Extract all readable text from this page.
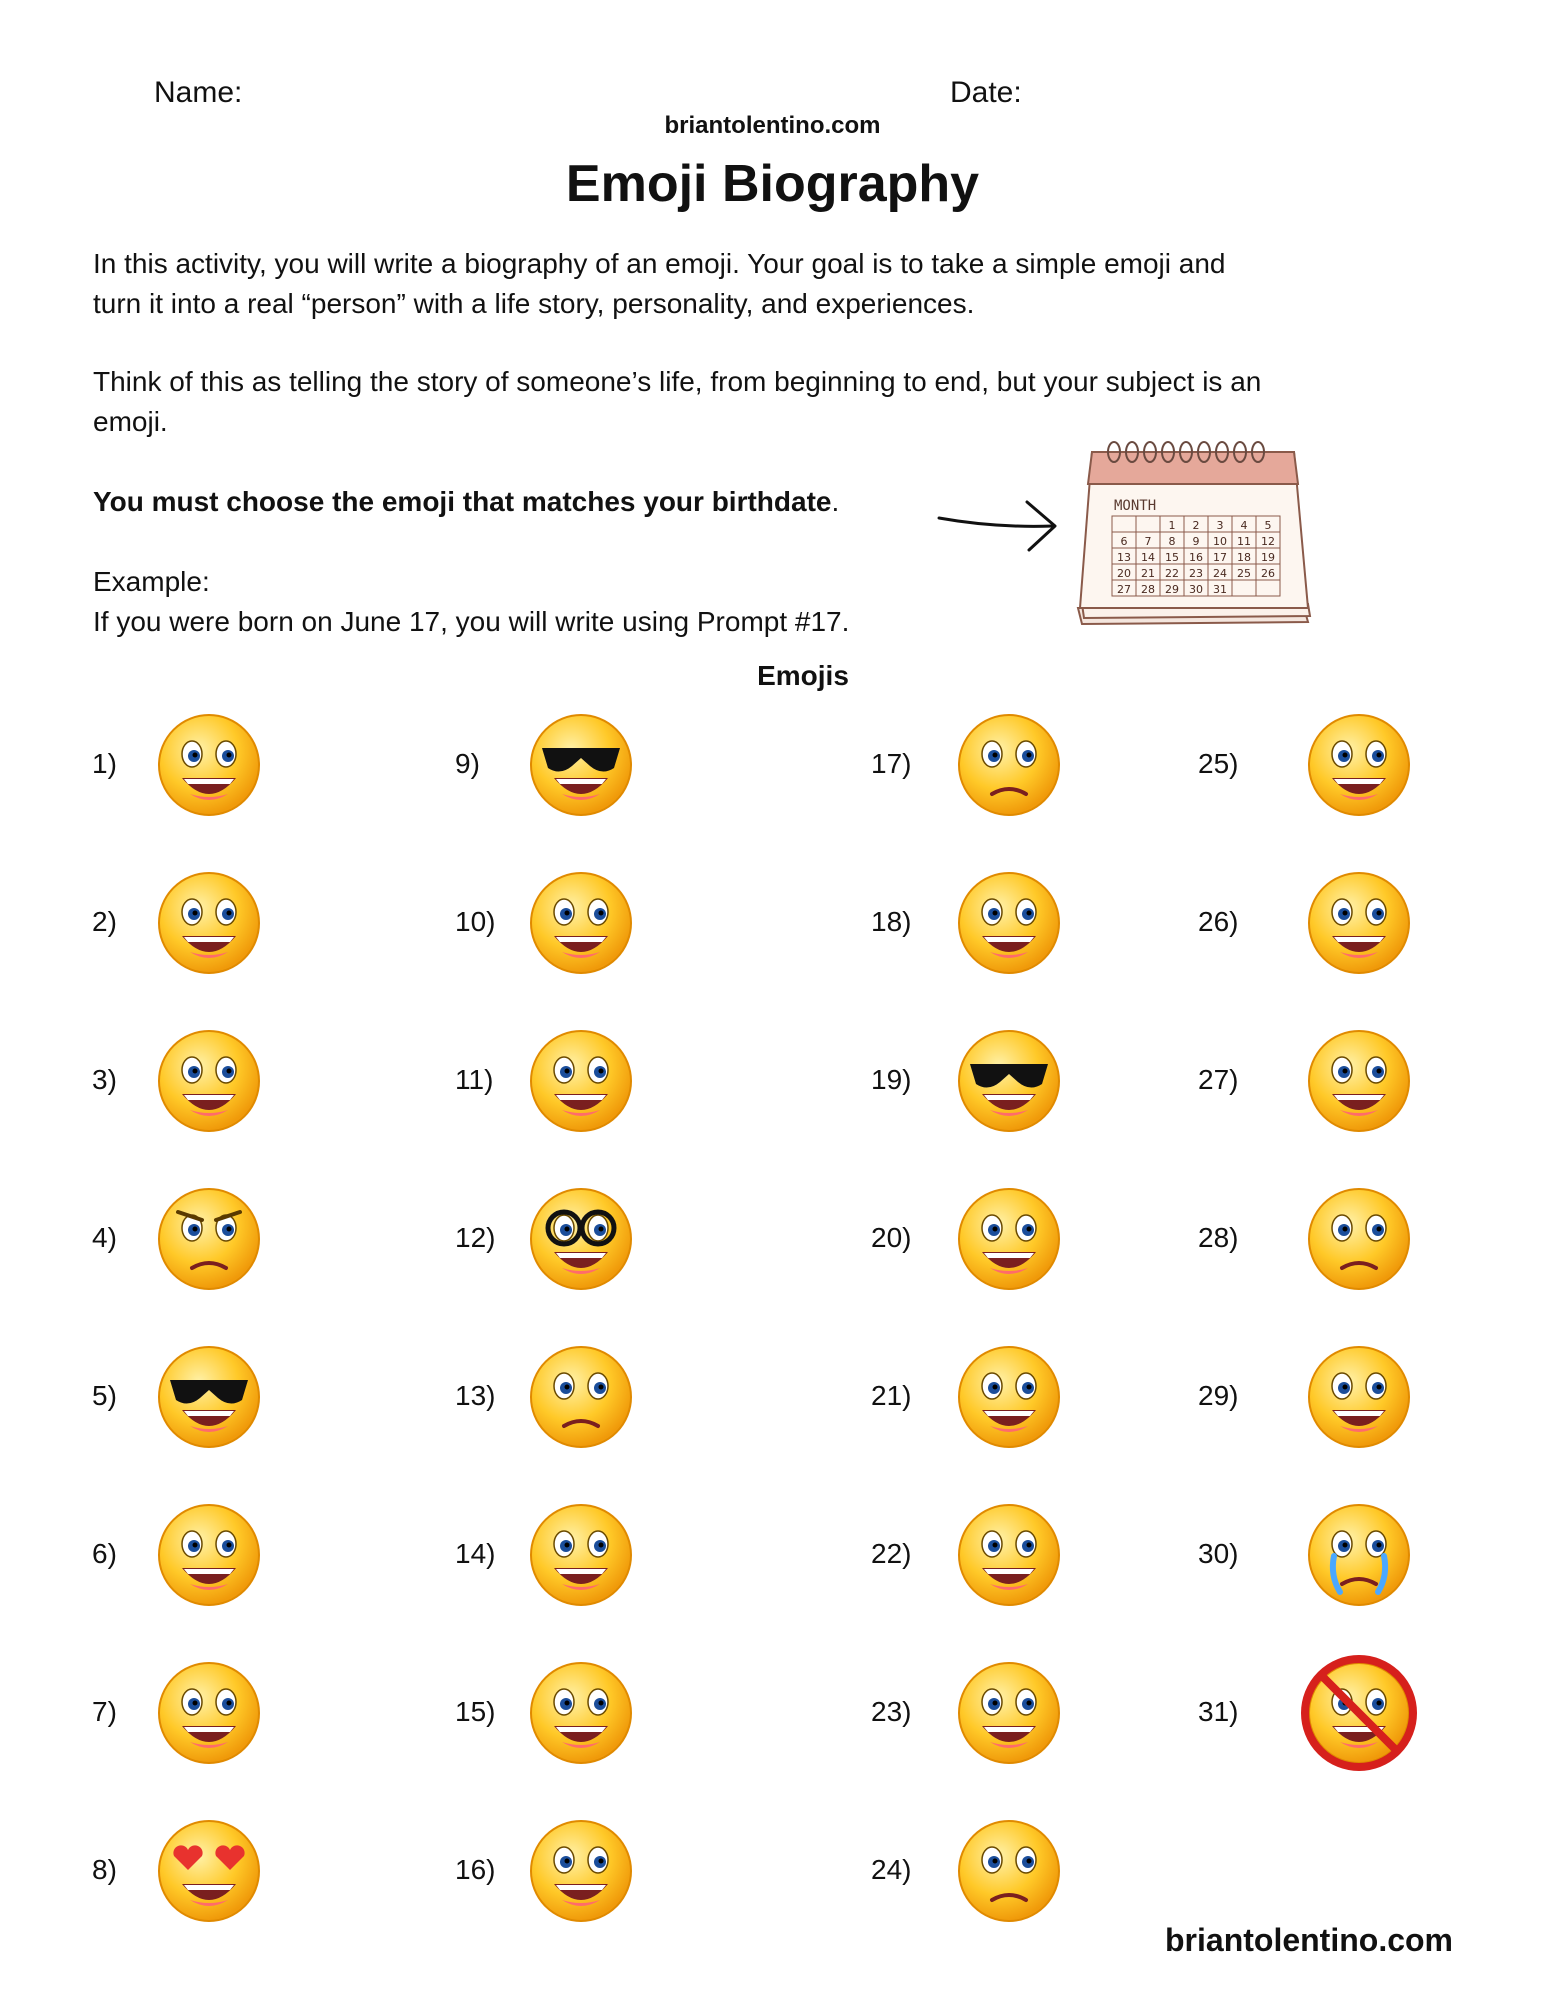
Name:	Date:
briantolentino.com
Emoji Biography
In this activity, you will write a biography of an emoji. Your goal is to take a simple emoji and
turn it into a real “person” with a life story, personality, and experiences.
Think of this as telling the story of someone’s life, from beginning to end, but your subject is an
emoji.
You must choose the emoji that matches your birthdate.
Example:
If you were born on June 17, you will write using Prompt #17.
MONTH
1 2 3 4 5
6 7 8 9 10 11 12
13 14 15 16 17 18 19
20 21 22 23 24 25 26
27 28 29 30 31
Emojis
1)
2)
3)
4)
5)
6)
7)
8)
9)
10)
11)
12)
13)
14)
15)
16)
17)
18)
19)
20)
21)
22)
23)
24)
25)
26)
27)
28)
29)
30)
31)
briantolentino.com
